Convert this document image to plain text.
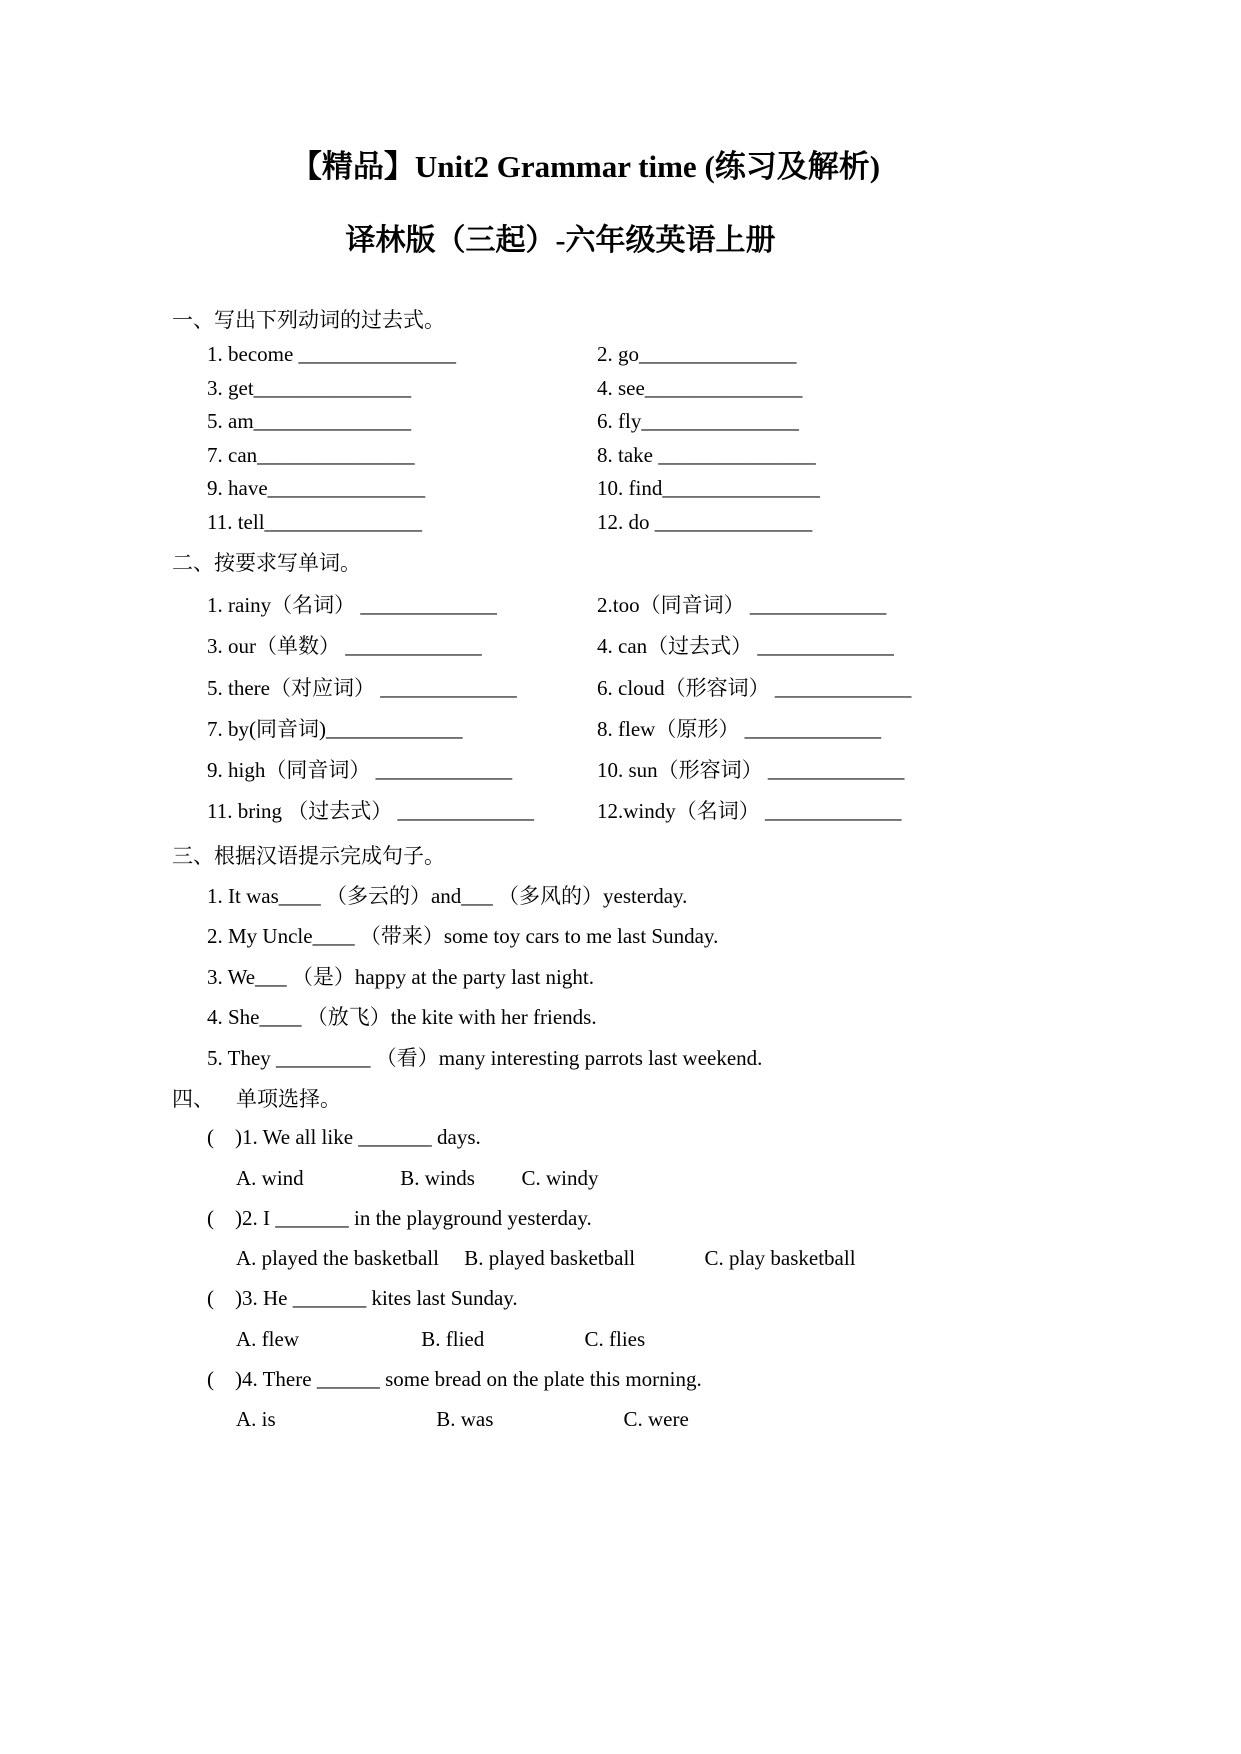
【精品】Unit2 Grammar time (练习及解析)
译林版（三起）-六年级英语上册

一、写出下列动词的过去式。

1. become _______________	2. go_______________
3. get_______________	4. see_______________
5. am_______________	6. fly_______________
7. can_______________	8. take _______________
9. have_______________	10. find_______________
11. tell_______________	12. do _______________

二、按要求写单词。

1. rainy（名词） _____________	2.too（同音词） _____________
3. our（单数） _____________	4. can（过去式） _____________
5. there（对应词） _____________	6. cloud（形容词） _____________
7. by(同音词)_____________	8. flew（原形） _____________
9. high（同音词） _____________	10. sun（形容词） _____________
11. bring （过去式） _____________	12.windy（名词） _____________

三、根据汉语提示完成句子。

1. It was____ （多云的）and___ （多风的）yesterday.
2. My Uncle____ （带来）some toy cars to me last Sunday.
3. We___ （是）happy at the party last night.
4. She____ （放飞）the kite with her friends.
5. They _________ （看）many interesting parrots last weekend.

四、 单项选择。

(    )1. We all like _______ days.
A. wind	B. winds C. windy
(    )2. I _______ in the playground yesterday.
A. played the basketball B. played basketball	C. play basketball
(    )3. He _______ kites last Sunday.
A. flew	B. flied	C. flies
(    )4. There ______ some bread on the plate this morning.
A. is	B. was	C. were
